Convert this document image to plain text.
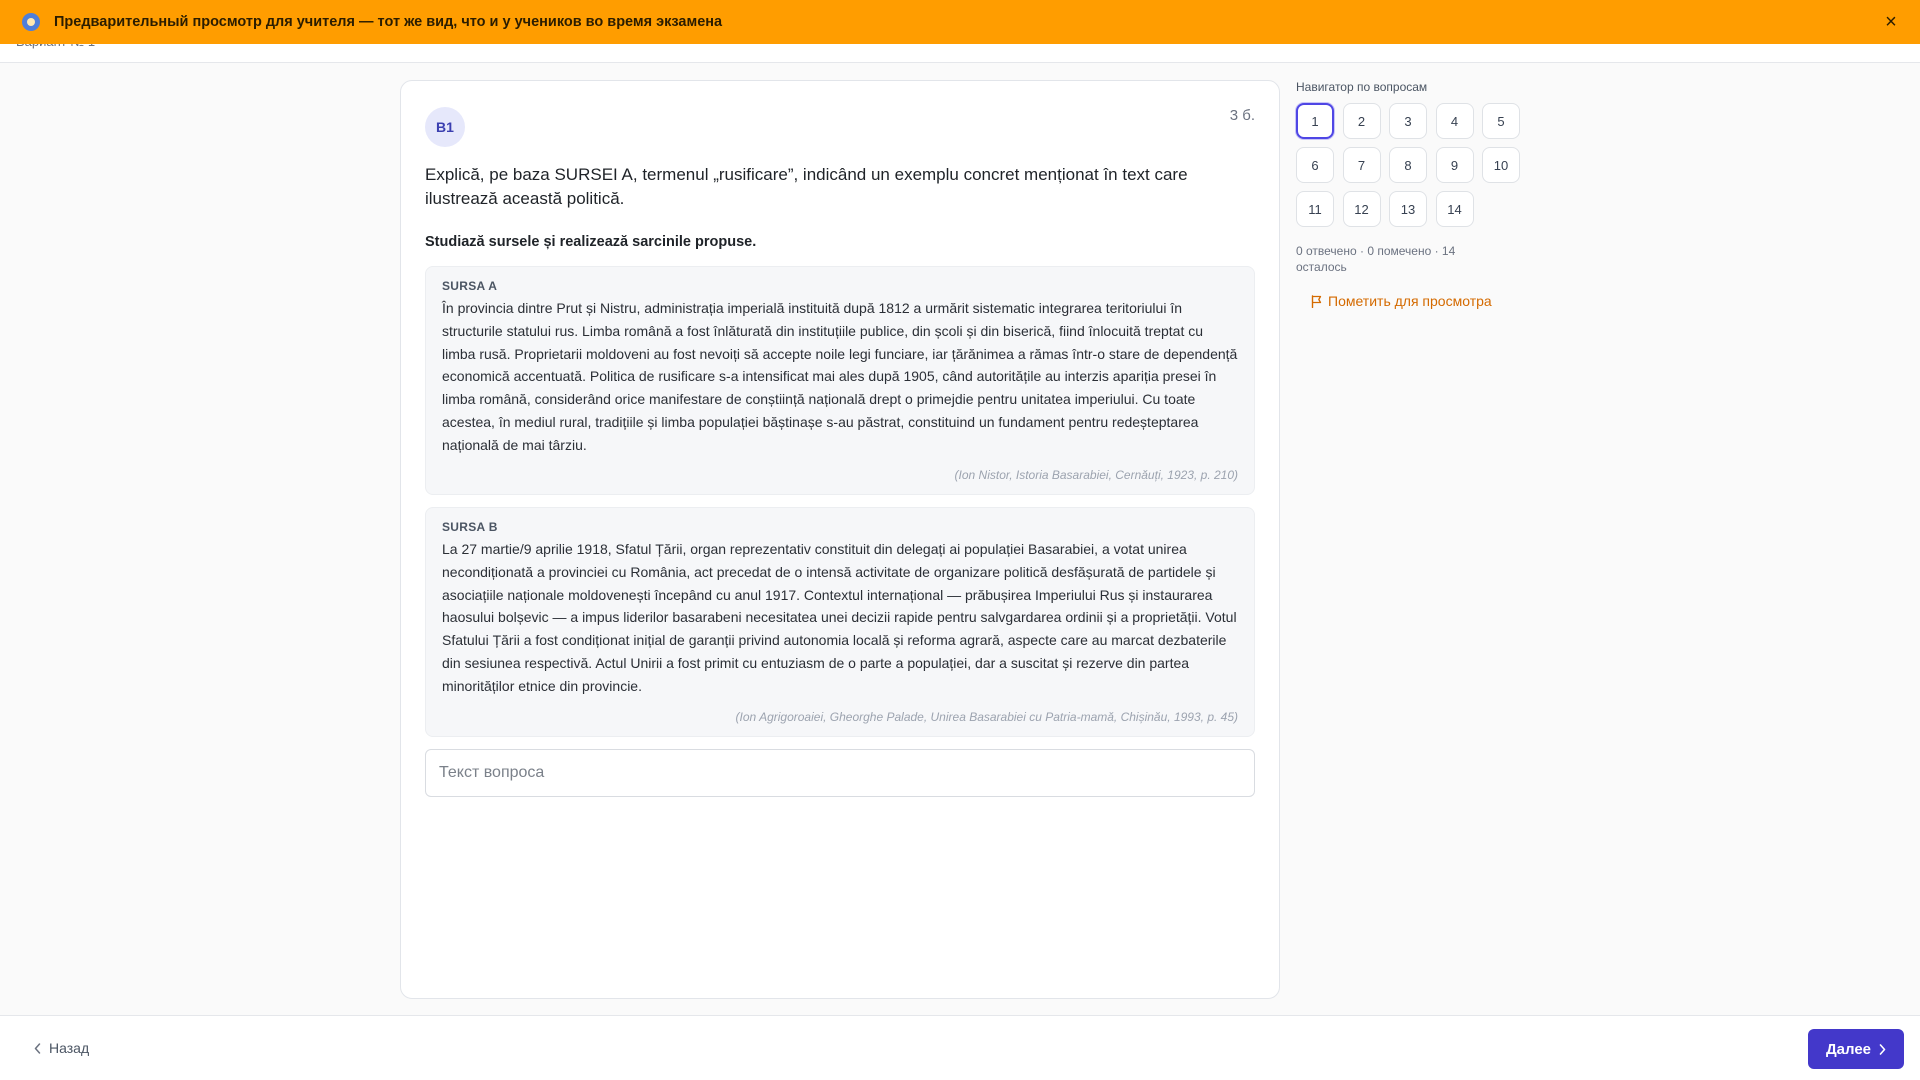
Предварительный просмотр для учителя — тот же вид, что и у учеников во время экзамена	×
B1
3 б.
Explică, pe baza SURSEI A, termenul „rusificare”, indicând un exemplu concret menționat în text care ilustrează această politică.
Studiază sursele și realizează sarcinile propuse.
SURSA A
În provincia dintre Prut și Nistru, administrația imperială instituită după 1812 a urmărit sistematic integrarea teritoriului în structurile statului rus. Limba română a fost înlăturată din instituțiile publice, din școli și din biserică, fiind înlocuită treptat cu limba rusă. Proprietarii moldoveni au fost nevoiți să accepte noile legi funciare, iar țărănimea a rămas într-o stare de dependență economică accentuată. Politica de rusificare s-a intensificat mai ales după 1905, când autoritățile au interzis apariția presei în limba română, considerând orice manifestare de conștiință națională drept o primejdie pentru unitatea imperiului. Cu toate acestea, în mediul rural, tradițiile și limba populației băștinașe s-au păstrat, constituind un fundament pentru redeșteptarea națională de mai târziu.
(Ion Nistor, Istoria Basarabiei, Cernăuți, 1923, p. 210)
SURSA B
La 27 martie/9 aprilie 1918, Sfatul Țării, organ reprezentativ constituit din delegați ai populației Basarabiei, a votat unirea necondiționată a provinciei cu România, act precedat de o intensă activitate de organizare politică desfășurată de partidele și asociațiile naționale moldovenești începând cu anul 1917. Contextul internațional — prăbușirea Imperiului Rus și instaurarea haosului bolșevic — a impus liderilor basarabeni necesitatea unei decizii rapide pentru salvgardarea ordinii și a proprietății. Votul Sfatului Țării a fost condiționat inițial de garanții privind autonomia locală și reforma agrară, aspecte care au marcat dezbaterile din sesiunea respectivă. Actul Unirii a fost primit cu entuziasm de o parte a populației, dar a suscitat și rezerve din partea minorităților etnice din provincie.
(Ion Agrigoroaiei, Gheorghe Palade, Unirea Basarabiei cu Patria-mamă, Chișinău, 1993, p. 45)
Текст вопроса
Навигатор по вопросам
1	2	3	4	5
6	7	8	9	10
11	12	13	14
0 отвечено · 0 помечено · 14 осталось
Пометить для просмотра
Назад	Далее
